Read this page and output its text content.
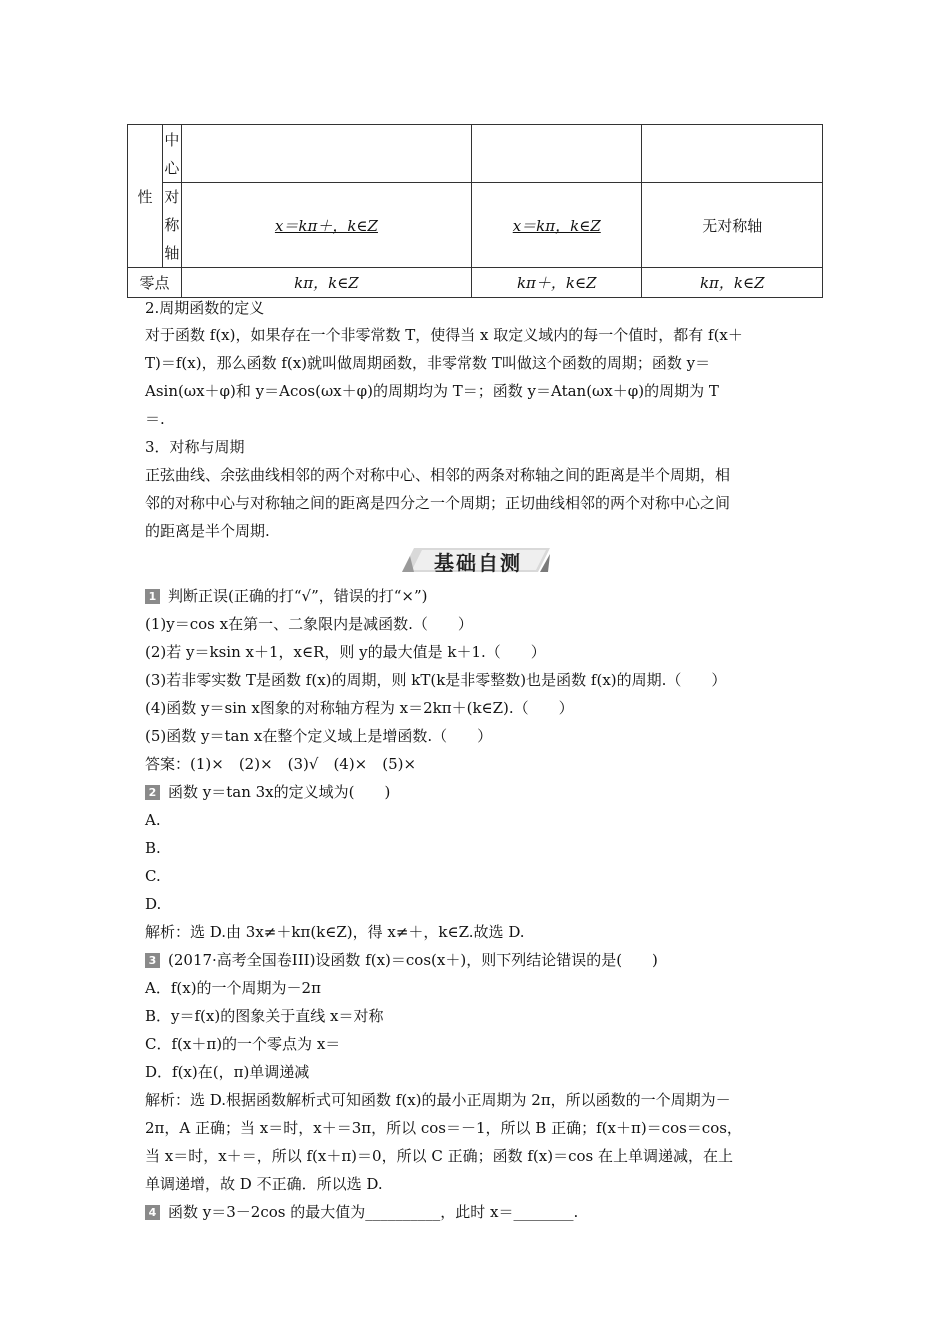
性	中心			
	对称轴	x＝kπ＋，k∈Z	x＝kπ，k∈Z	无对称轴
零点		kπ，k∈Z	kπ＋，k∈Z	kπ，k∈Z
2.周期函数的定义
对于函数 f(x)，如果存在一个非零常数 T，使得当 x 取定义域内的每一个值时，都有 f(x＋
T)＝f(x)，那么函数 f(x)就叫做周期函数，非零常数 T叫做这个函数的周期；函数 y＝
Asin(ωx＋φ)和 y＝Acos(ωx＋φ)的周期均为 T＝；函数 y＝Atan(ωx＋φ)的周期为 T
＝.
3．对称与周期
正弦曲线、余弦曲线相邻的两个对称中心、相邻的两条对称轴之间的距离是半个周期，相
邻的对称中心与对称轴之间的距离是四分之一个周期；正切曲线相邻的两个对称中心之间
的距离是半个周期.
基础自测
1 判断正误(正确的打“√”，错误的打“×”)
(1)y＝cos x在第一、二象限内是减函数.（　　）
(2)若 y＝ksin x＋1，x∈R，则 y的最大值是 k＋1.（　　）
(3)若非零实数 T是函数 f(x)的周期，则 kT(k是非零整数)也是函数 f(x)的周期.（　　）
(4)函数 y＝sin x图象的对称轴方程为 x＝2kπ＋(k∈Z).（　　）
(5)函数 y＝tan x在整个定义域上是增函数.（　　）
答案：(1)×　(2)×　(3)√　(4)×　(5)×
2 函数 y＝tan 3x的定义域为(　　)
A.
B.
C.
D.
解析：选 D.由 3x≠＋kπ(k∈Z)，得 x≠＋，k∈Z.故选 D.
3 (2017·高考全国卷III)设函数 f(x)＝cos(x＋)，则下列结论错误的是(　　)
A．f(x)的一个周期为－2π
B．y＝f(x)的图象关于直线 x＝对称
C．f(x＋π)的一个零点为 x＝
D．f(x)在(，π)单调递减
解析：选 D.根据函数解析式可知函数 f(x)的最小正周期为 2π，所以函数的一个周期为－
2π，A 正确；当 x＝时，x＋＝3π，所以 cos＝－1，所以 B 正确；f(x＋π)＝cos＝cos，
当 x＝时，x＋＝，所以 f(x＋π)＝0，所以 C 正确；函数 f(x)＝cos 在上单调递减，在上
单调递增，故 D 不正确．所以选 D.
4 函数 y＝3－2cos 的最大值为__________，此时 x＝________.
